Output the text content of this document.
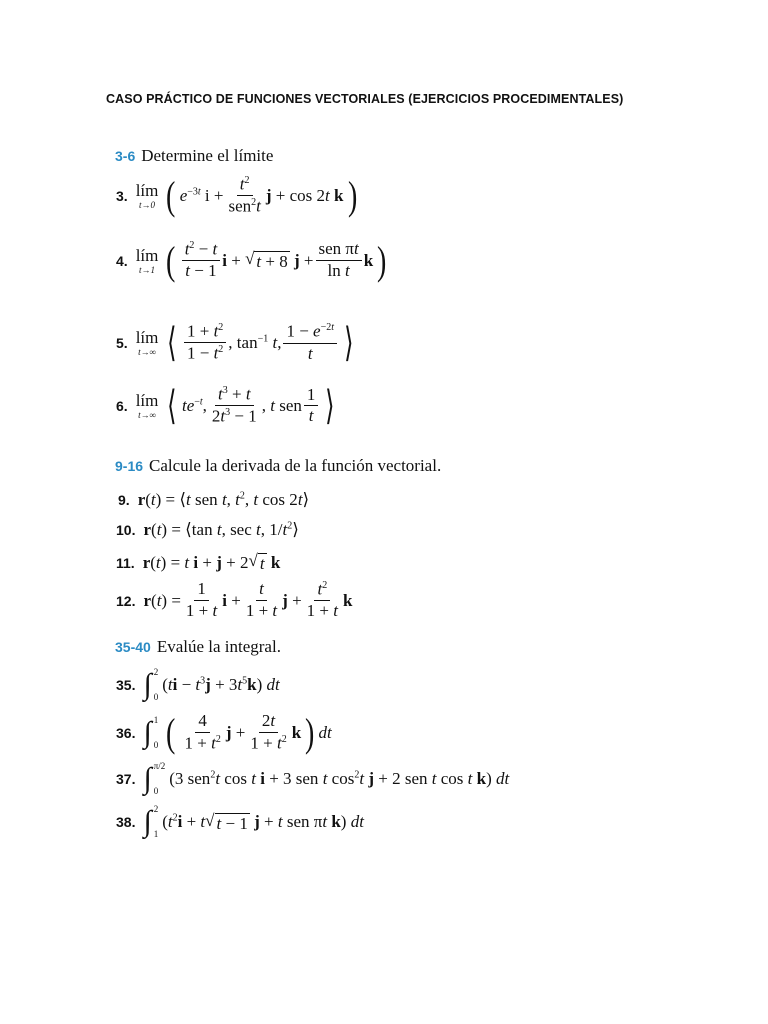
CASO PRÁCTICO DE FUNCIONES VECTORIALES (EJERCICIOS PROCEDIMENTALES)
3-6 Determine el límite
3. lím
t→0 ( $e^{-3t}$ $i + \frac{t^2}{sen^2t}$ j + cos 2t k )
4. lím
t→1 ( $\frac{t^2 - t}{t - 1}$ i + √ t + 8 $j + \frac{\text{sen πt}}{\text{ln t}}$ k )
5. lím
t→∞ ⟨ $\frac{1 + t^2}{1 - t^2}$ , $\tan^{-1} t$, $\frac{1 - e^{-2t}}{t}$ ⟩
6. lím
t→∞ ⟨ $te^{-t}$, $\frac{t^3 + t}{2t^3 - 1}$ , t sen $\frac{1}{t}$ ⟩
9-16 Calcule la derivada de la función vectorial.
9. r(t) = ⟨t sen t, $t^2$, t cos 2t⟩
10. r(t) = ⟨tan t, sec t, $1/t^2⟩$
11. r(t) = t i + j + 2 √ t k
12. $r(t) = \frac{1}{1 + t}$ $i + \frac{t}{1 + t}$ $j + \frac{t^2}{1 + t}$ k
35-40 Evalúe la integral.
35. ∫ 2
0
$(ti - t^3j + 3t^5k)$ dt
36. ∫ 1
0 ( $\frac{4}{1 + t^2}$ $j + \frac{2t}{1 + t^2}$ k ) dt
37. ∫ π/2
0
(3 sen$^2$t cos t i + 3 sen t $\cos^2t$ j + 2 sen t cos t k) dt
38. ∫ 2
1
($t^2i + t$ √ t − 1 j + t sen πt k) dt
